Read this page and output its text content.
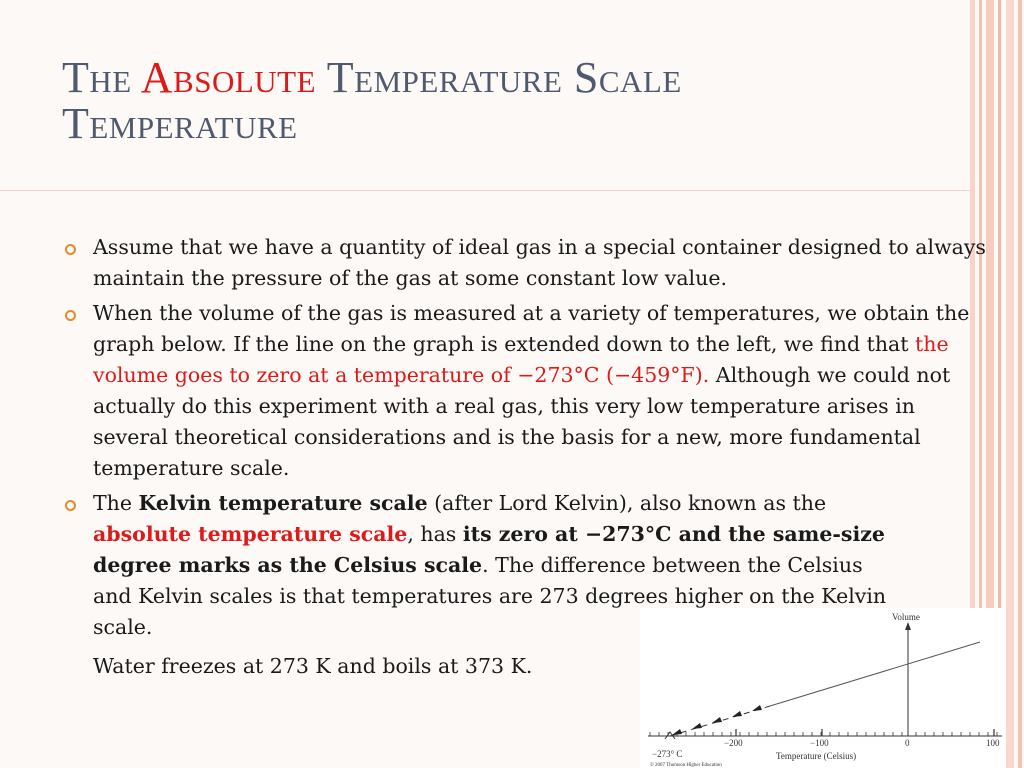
The Absolute Temperature Scale
Temperature
Assume that we have a quantity of ideal gas in a special container designed to always maintain the pressure of the gas at some constant low value.
When the volume of the gas is measured at a variety of temperatures, we obtain the graph below. If the line on the graph is extended down to the left, we find that the volume goes to zero at a temperature of −273°C (−459°F). Although we could not actually do this experiment with a real gas, this very low temperature arises in several theoretical considerations and is the basis for a new, more fundamental temperature scale.
The Kelvin temperature scale (after Lord Kelvin), also known as the absolute temperature scale, has its zero at −273°C and the same-size degree marks as the Celsius scale. The difference between the Celsius and Kelvin scales is that temperatures are 273 degrees higher on the Kelvin scale.
Water freezes at 273 K and boils at 373 K.
Volume
−273° C
−200	−100	0	100
Temperature (Celsius)
© 2007 Thomson Higher Education
